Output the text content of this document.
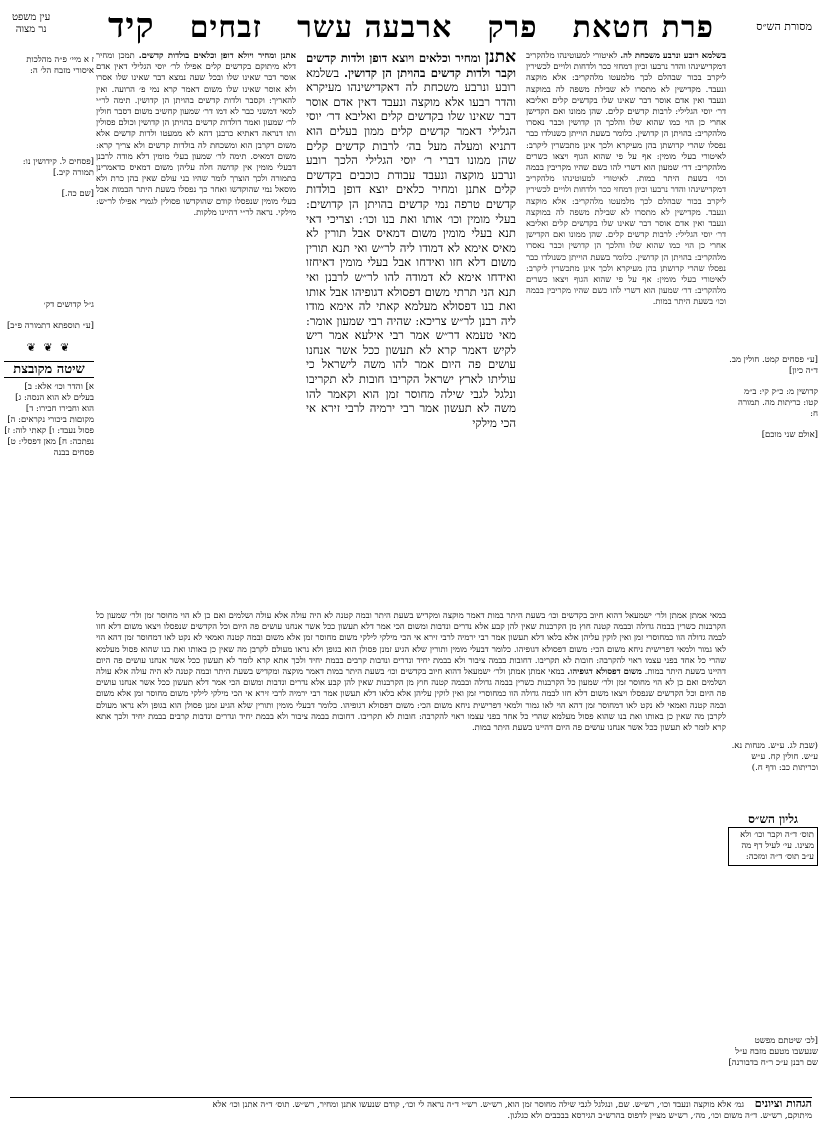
מסורת הש״ס
פרת חטאת
פרק
ארבעה עשר
זבחים
קיד
עין משפט
נר מצוה
[ע״ פסחים קמט. חולין מב. ד״ה כיון]
קדושין מ: כ״ק קי: ב״מ קטו: כריתות מה. תמורה ח:
[אולם שני מוכם]
(שבת לג. ע״ש. מנחות נא. ע״ש. חולין קח. ע״ש וכריתות כב: ודף ח.)
גליון הש״ס
תוס׳ ד״ה וקבר וכו׳ ולא מצינו. עי׳ לעיל דף מה ע״ב תוס׳ ד״ה ומזכה:
[לכ׳ שיטתם מפשט שנעשבו מטעם מזבח ע״ל שם רבנן ע״כ ר״ח בדבורנה]
ז א מיי׳ פ״ה מהלכות איסורי מזבח הל׳ ה:
[פסחים ל. קידושין נו: תמורה קיב.]
[שם כה.]
ג״ל קדושים דק׳
[ע״ תוספתא דתמורה פ״ב]
❦ ❦ ❦
שיטה מקובצת
א] והדר וכו׳ אלא: ב] בעלים לא הוא הנסה: ג] הוא וחבירו חבירו: ד] מקוםות ביכורי נקראים: ה] פסול נעבד: ו] קאתי לוה: ז] נפתכה: ח] מאן דפסלי: ט] פסחים בבנה
בשלמא רובע ונרבע משכחת לה. לאיטורי למעוטינהו מלהקריב דמקדישינהו והדר נרבעו וכיון דמחזי ככר ולדחות ולויים לכשירין ליקרב בכור שבהלם לכך מלמעטו מלהקריב: אלא מוקצה ונעבד. מקדישין לא מתסרו לא שבילת משפה לה במוקצה ונעבד ואין אדם אוסר דבר שאינו שלו בקדשים קלים ואליבא דר׳ יוסי הגלילי: לרבות קדשים קלים. שהן ממונו ואם הקדישן אחרי כן הוי כמו שהוא שלו והלכך הן קדושין וכבר נאסרו מלהקריב: בהויתן הן קדושין. כלומר בשעת הוייתן כשנולדו כבר נפסלו שהרי קדושתן בהן מעיקרא ולכך אינן מתכשרין ליקרב: לאיטורי בעלי מומין: אף על פי שהוא הגוף ויצאו כשרים מלהקריב: דר׳ שמעון הוא דשרי להו כשם שהיו מקריבין בבמה וכו׳ בשעת היתר במות. לאיטורי למעוטינהו מלהקריב דמקדישינהו והדר נרבעו וכיון דמחזי ככר ולדחות ולויים לכשירין ליקרב בכור שבהלם לכך מלמעטו מלהקריב: אלא מוקצה ונעבד. מקדישין לא מתסרו לא שבילת משפה לה במוקצה ונעבד ואין אדם אוסר דבר שאינו שלו בקדשים קלים ואליבא דר׳ יוסי הגלילי: לרבות קדשים קלים. שהן ממונו ואם הקדישן אחרי כן הוי כמו שהוא שלו והלכך הן קדושין וכבר נאסרו מלהקריב: בהויתן הן קדושין. כלומר בשעת הוייתן כשנולדו כבר נפסלו שהרי קדושתן בהן מעיקרא ולכך אינן מתכשרין ליקרב: לאיטורי בעלי מומין: אף על פי שהוא הגוף ויצאו כשרים מלהקריב: דר׳ שמעון הוא דשרי להו כשם שהיו מקריבין בבמה וכו׳ בשעת היתר במות.
אתנן ומחיר וכלאים ויוצא דופן ולדות קדשים וקבר ולדות קדשים בהויתן הן קדושין. בשלמא רובע ונרבע משכחת לה דאקדישינהו מעיקרא והדר רבעו אלא מוקצה ונעבד דאין אדם אוסר דבר שאינו שלו בקדשים קלים ואליבא דר׳ יוסי הגלילי דאמר קדשים קלים ממון בעלים הוא דתניא ומעלה מעל בה׳ לרבות קדשים קלים שהן ממונו דברי ר׳ יוסי הגלילי הלכך רובע ונרבע מוקצה ונעבד עבודת כוכבים בקדשים קלים אתנן ומחיר כלאים יוצא דופן בולדות קדשים טרפה נמי קדשים בהויתן הן קדושים: בעלי מומין וכו׳ אותו ואת בנו וכו׳: וצריכי דאי תנא בעלי מומין משום דמאיס אבל תורין לא מאיס אימא לא דמודו ליה לר״ש ואי תנא תורין משום דלא חזו ואידחו אבל בעלי מומין דאיחזו ואידחו אימא לא דמודה להו לר״ש לרבנן ואי תנא הני תרתי משום דפסולא דגופיהו אבל אותו ואת בנו דפסולא מעלמא קאתי לה אימא מודו ליה רבנן לר״ש צריכא: שהיה רבי שמעון אומר: מאי טעמא דר״ש אמר רבי אילעא אמר ריש לקיש דאמר קרא לא תעשון ככל אשר אנחנו עושים פה היום אמר להו משה לישראל כי עוליתו לארץ ישראל הקריבו חובות לא תקריבו ונלגל לגבי שילה מחוסר זמן הוא וקאמר להו משה לא תעשון אמר רבי ירמיה לרבי זירא אי הכי מילקי
אתנן ומחיר ויולא דופן וכלאים בולדות קדשים. תמכן ומחיר דלא מיתוקם בקדשים קלים אפילו לר׳ יוסי הגלילי דאין אדם אוסר דבר שאינו שלו ובכל שעה נמצא דבר שאינו שלו אסרו ולא אוסר שאינו שלו משום דאמר קרא נמי פ׳ הרועה. ואין להאריך: וקסבר ולדות קדשים בהויתן הן קדושין. תימה לר״י למאי דמשני כבר לא דמו דר׳ שמעון קחשיב משום דסבר חולין לר׳ שמעון ואמר דולדות קדשים בהויתן הן קדושין וכולם פסולין ותו דנראה דאתיא כרבנן דהא לא ממעטו ולדות קדשים אלא משום דקרבן הוא ומשכחת לה בולדות קדשים ולא צריך קרא: משום דמאיס. תימה לר׳ שמעון בעלי מומין דלא מודה לרבנן דבעלי מומין אין קדושה חלה עליהן משום דמאיס כדאמרינן בתמורה ולכך הוצרך לומר שהיו בני עולם שאין בהן כרת ולא מוסאל נמי שהוקדשו ואחר כך נפסלו בשעת היתר הבמות אבל בעלי מומין שנפסלו קודם שהוקדשו פסולין לגמרי אפילו לר״ש: מילקי. נראה לר״י דהיינו מלקות.
במאי אמתן אמתן ולר׳ ישמעאל דהוא חיוב בקדשים וכו׳ בשעת היתר במות דאמר מוקצה ומקדיש בשעת היתר ובמה קטנה לא היה עולה אלא עולה ושלמים ואם כן לא הוי מחוסר זמן ולר׳ שמעון כל הקרבנות כשרין בבמה גדולה ובבמה קטנה חוץ מן הקרבנות שאין להן קבע אלא נדרים ונדבות ומשום הכי אמר דלא תעשון ככל אשר אנחנו עושים פה היום וכל הקדשים שנפסלו ויצאו משום דלא חזו לבמה גדולה הוו כמחוסרי זמן ואין לוקין עליהן אלא בלאו דלא תעשון אמר רבי ירמיה לרבי זירא אי הכי מילקי לילקי משום מחוסר זמן אלא משום ובמה קטנה ואמאי לא נקט לאו דמחוסר זמן דהא הוי לאו גמור ולמאי דפרישית ניחא משום הכי: משום דפסולא דגופיהו. כלומר דבעלי מומין ותורין שלא הגיע זמנן פסולן הוא בגופן ולא נראו מעולם לקרבן מה שאין כן באותו ואת בנו שהוא פסול מעלמא שהרי כל אחד בפני עצמו ראוי להקרבה: חובות לא תקריבו. דחובות בבמה ציבור ולא בבמת יחיד ונדרים ונדבות קרבים בבמת יחיד ולכך אתא קרא לומר לא תעשון ככל אשר אנחנו עושים פה היום דהיינו בשעת היתר במות. משום דפסולא דגופיהו. במאי אמתן אמתן ולר׳ ישמעאל דהוא חיוב בקדשים וכו׳ בשעת היתר במות דאמר מוקצה ומקדיש בשעת היתר ובמה קטנה לא היה עולה אלא עולה ושלמים ואם כן לא הוי מחוסר זמן ולר׳ שמעון כל הקרבנות כשרין בבמה גדולה ובבמה קטנה חוץ מן הקרבנות שאין להן קבע אלא נדרים ונדבות ומשום הכי אמר דלא תעשון ככל אשר אנחנו עושים פה היום וכל הקדשים שנפסלו ויצאו משום דלא חזו לבמה גדולה הוו כמחוסרי זמן ואין לוקין עליהן אלא בלאו דלא תעשון אמר רבי ירמיה לרבי זירא אי הכי מילקי לילקי משום מחוסר זמן אלא משום ובמה קטנה ואמאי לא נקט לאו דמחוסר זמן דהא הוי לאו גמור ולמאי דפרישית ניחא משום הכי: משום דפסולא דגופיהו. כלומר דבעלי מומין ותורין שלא הגיע זמנן פסולן הוא בגופן ולא נראו מעולם לקרבן מה שאין כן באותו ואת בנו שהוא פסול מעלמא שהרי כל אחד בפני עצמו ראוי להקרבה: חובות לא תקריבו. דחובות בבמה ציבור ולא בבמת יחיד ונדרים ונדבות קרבים בבמת יחיד ולכך אתא קרא לומר לא תעשון ככל אשר אנחנו עושים פה היום דהיינו בשעת היתר במות.
הגהות וציונים גמ׳ אלא מוקצה ונעבד וכו׳, רש״ש. שם, ונגלגל לגבי שילה מחוסר זמן הוא, רש״ש. רש״י ד״ה נראה לי וכו׳, קודם שנעשו אתנן ומחיר, רש״ש. תוס׳ ד״ה אתנן וכו׳ אלא
מיתוקם, רש״ש. ד״ה משום וכו׳, מה׳, רש״ש מציין לדפוס בהרש״ב הגירסא בבכבים ולא כגלגון.
